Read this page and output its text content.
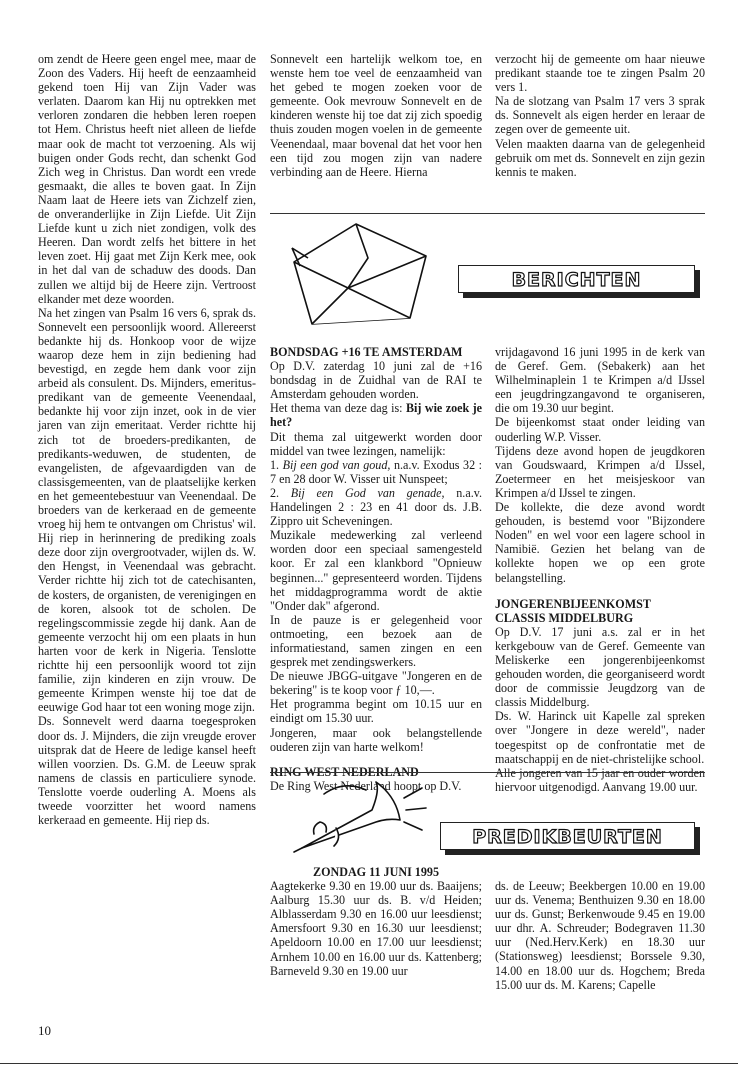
om zendt de Heere geen engel mee, maar de Zoon des Vaders. Hij heeft de eenzaamheid gekend toen Hij van Zijn Vader was verlaten. Daarom kan Hij nu optrekken met verloren zondaren die hebben leren roepen tot Hem. Christus heeft niet alleen de liefde maar ook de macht tot verzoening. Als wij buigen onder Gods recht, dan schenkt God Zich weg in Christus. Dan wordt een vrede gesmaakt, die alles te boven gaat. In Zijn Naam laat de Heere iets van Zichzelf zien, de onveranderlijke in Zijn Liefde. Uit Zijn Liefde kunt u zich niet zondigen, volk des Heeren. Dan wordt zelfs het bittere in het leven zoet. Hij gaat met Zijn Kerk mee, ook in het dal van de schaduw des doods. Dan zullen we altijd bij de Heere zijn. Vertroost elkander met deze woorden.

Na het zingen van Psalm 16 vers 6, sprak ds. Sonnevelt een persoonlijk woord. Allereerst bedankte hij ds. Honkoop voor de wijze waarop deze hem in zijn bediening had bevestigd, en zegde hem dank voor zijn arbeid als consulent. Ds. Mijnders, emeritus-predikant van de gemeente Veenendaal, bedankte hij voor zijn inzet, ook in de vier jaren van zijn emeritaat. Verder richtte hij zich tot de broeders-predikanten, de predikants-weduwen, de studenten, de evangelisten, de afgevaardigden van de classisgemeenten, van de plaatselijke kerken en het gemeentebestuur van Veenendaal. De broeders van de kerkeraad en de gemeente vroeg hij hem te ontvangen om Christus' wil. Hij riep in herinnering de prediking zoals deze door zijn overgrootvader, wijlen ds. W. den Hengst, in Veenendaal was gebracht. Verder richtte hij zich tot de catechisanten, de kosters, de organisten, de verenigingen en de koren, alsook tot de scholen. De regelingscommissie zegde hij dank. Aan de gemeente verzocht hij om een plaats in hun harten voor de kerk in Nigeria. Tenslotte richtte hij een persoonlijk woord tot zijn familie, zijn kinderen en zijn vrouw. De gemeente Krimpen wenste hij toe dat de eeuwige God haar tot een woning moge zijn.

Ds. Sonnevelt werd daarna toegesproken door ds. J. Mijnders, die zijn vreugde erover uitsprak dat de Heere de ledige kansel heeft willen voorzien. Ds. G.M. de Leeuw sprak namens de classis en particuliere synode. Tenslotte voerde ouderling A. Moens als tweede voorzitter het woord namens kerkeraad en gemeente. Hij riep ds.

Sonnevelt een hartelijk welkom toe, en wenste hem toe veel de eenzaamheid van het gebed te mogen zoeken voor de gemeente. Ook mevrouw Sonnevelt en de kinderen wenste hij toe dat zij zich spoedig thuis zouden mogen voelen in de gemeente Veenendaal, maar bovenal dat het voor hen een tijd zou mogen zijn van nadere verbinding aan de Heere. Hierna

verzocht hij de gemeente om haar nieuwe predikant staande toe te zingen Psalm 20 vers 1.

Na de slotzang van Psalm 17 vers 3 sprak ds. Sonnevelt als eigen herder en leraar de zegen over de gemeente uit.

Velen maakten daarna van de gelegenheid gebruik om met ds. Sonnevelt en zijn gezin kennis te maken.

BERICHTEN

BONDSDAG +16 TE AMSTERDAM

Op D.V. zaterdag 10 juni zal de +16 bondsdag in de Zuidhal van de RAI te Amsterdam gehouden worden.

Het thema van deze dag is: Bij wie zoek je het?

Dit thema zal uitgewerkt worden door middel van twee lezingen, namelijk:

1. Bij een god van goud, n.a.v. Exodus 32 : 7 en 28 door W. Visser uit Nunspeet;

2. Bij een God van genade, n.a.v. Handelingen 2 : 23 en 41 door ds. J.B. Zippro uit Scheveningen.

Muzikale medewerking zal verleend worden door een speciaal samengesteld koor. Er zal een klankbord "Opnieuw beginnen..." gepresenteerd worden. Tijdens het middagprogramma wordt de aktie "Onder dak" afgerond.

In de pauze is er gelegenheid voor ontmoeting, een bezoek aan de informatiestand, samen zingen en een gesprek met zendingswerkers.

De nieuwe JBGG-uitgave "Jongeren en de bekering" is te koop voor ƒ 10,—.

Het programma begint om 10.15 uur en eindigt om 15.30 uur.

Jongeren, maar ook belangstellende ouderen zijn van harte welkom!

RING WEST NEDERLAND

De Ring West Nederland hoopt op D.V.

vrijdagavond 16 juni 1995 in de kerk van de Geref. Gem. (Sebakerk) aan het Wilhelminaplein 1 te Krimpen a/d IJssel een jeugdringzangavond te organiseren, die om 19.30 uur begint.

De bijeenkomst staat onder leiding van ouderling W.P. Visser.

Tijdens deze avond hopen de jeugdkoren van Goudswaard, Krimpen a/d IJssel, Zoetermeer en het meisjeskoor van Krimpen a/d IJssel te zingen.

De kollekte, die deze avond wordt gehouden, is bestemd voor "Bijzondere Noden" en wel voor een lagere school in Namibië. Gezien het belang van de kollekte hopen we op een grote belangstelling.

JONGERENBIJEENKOMST

CLASSIS MIDDELBURG

Op D.V. 17 juni a.s. zal er in het kerkgebouw van de Geref. Gemeente van Meliskerke een jongerenbijeenkomst gehouden worden, die georganiseerd wordt door de commissie Jeugdzorg van de classis Middelburg.

Ds. W. Harinck uit Kapelle zal spreken over "Jongere in deze wereld", nader toegespitst op de confrontatie met de maatschappij en de niet-christelijke school.

Alle jongeren van 15 jaar en ouder worden hiervoor uitgenodigd. Aanvang 19.00 uur.

PREDIKBEURTEN

ZONDAG 11 JUNI 1995

Aagtekerke 9.30 en 19.00 uur ds. Baaijens; Aalburg 15.30 uur ds. B. v/d Heiden; Alblasserdam 9.30 en 16.00 uur leesdienst; Amersfoort 9.30 en 16.30 uur leesdienst; Apeldoorn 10.00 en 17.00 uur leesdienst; Arnhem 10.00 en 16.00 uur ds. Kattenberg; Barneveld 9.30 en 19.00 uur

ds. de Leeuw; Beekbergen 10.00 en 19.00 uur ds. Venema; Benthuizen 9.30 en 18.00 uur ds. Gunst; Berkenwoude 9.45 en 19.00 uur dhr. A. Schreuder; Bodegraven 11.30 uur (Ned.Herv.Kerk) en 18.30 uur (Stationsweg) leesdienst; Borssele 9.30, 14.00 en 18.00 uur ds. Hogchem; Breda 15.00 uur ds. M. Karens; Capelle

10
